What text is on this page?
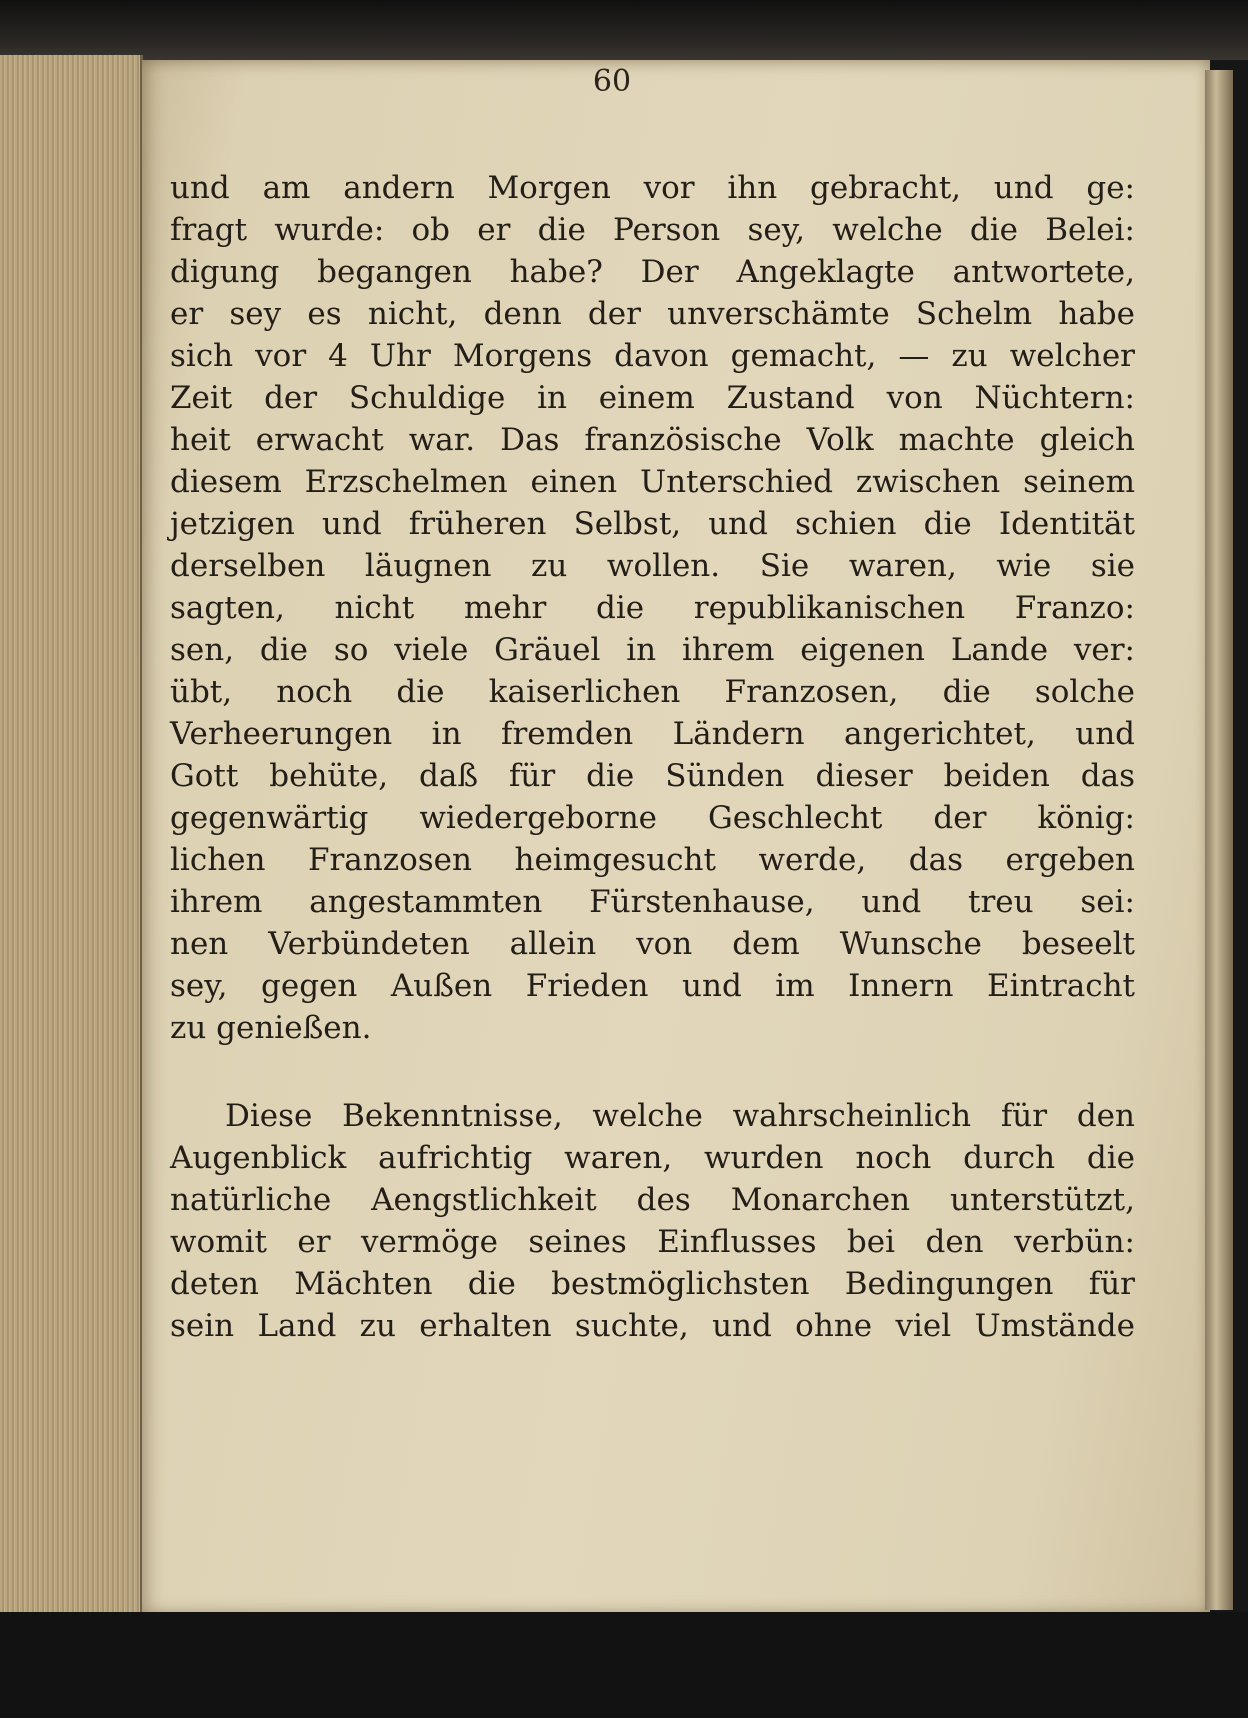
60
und am andern Morgen vor ihn gebracht, und ge:
fragt wurde: ob er die Person sey, welche die Belei:
digung begangen habe? Der Angeklagte antwortete,
er sey es nicht, denn der unverschämte Schelm habe
sich vor 4 Uhr Morgens davon gemacht, — zu welcher
Zeit der Schuldige in einem Zustand von Nüchtern:
heit erwacht war. Das französische Volk machte gleich
diesem Erzschelmen einen Unterschied zwischen seinem
jetzigen und früheren Selbst, und schien die Identität
derselben läugnen zu wollen. Sie waren, wie sie
sagten, nicht mehr die republikanischen Franzo:
sen, die so viele Gräuel in ihrem eigenen Lande ver:
übt, noch die kaiserlichen Franzosen, die solche
Verheerungen in fremden Ländern angerichtet, und
Gott behüte, daß für die Sünden dieser beiden das
gegenwärtig wiedergeborne Geschlecht der könig:
lichen Franzosen heimgesucht werde, das ergeben
ihrem angestammten Fürstenhause, und treu sei:
nen Verbündeten allein von dem Wunsche beseelt
sey, gegen Außen Frieden und im Innern Eintracht
zu genießen.
Diese Bekenntnisse, welche wahrscheinlich für den
Augenblick aufrichtig waren, wurden noch durch die
natürliche Aengstlichkeit des Monarchen unterstützt,
womit er vermöge seines Einflusses bei den verbün:
deten Mächten die bestmöglichsten Bedingungen für
sein Land zu erhalten suchte, und ohne viel Umstände
